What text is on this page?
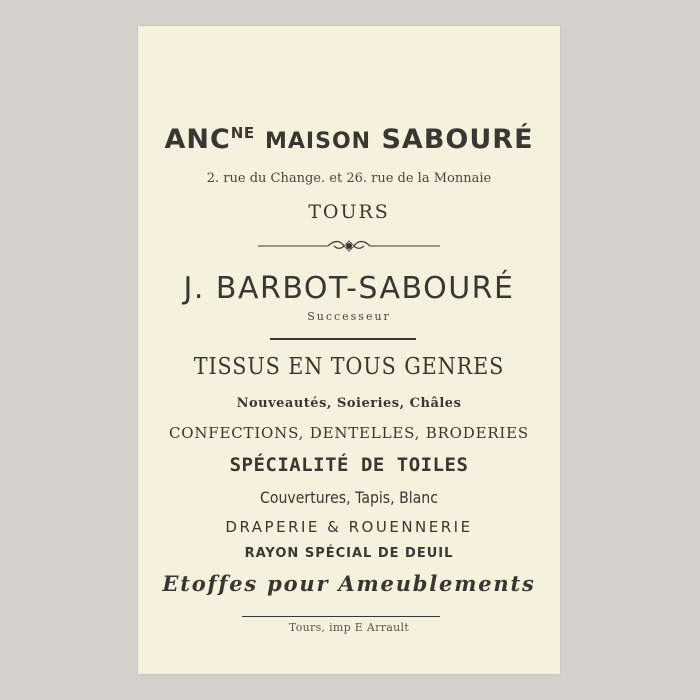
$ANC^{NE}$ MAISON SABOURÉ
2. rue du Change. et 26. rue de la Monnaie
TOURS
J. BARBOT-SABOURÉ
Successeur
TISSUS EN TOUS GENRES
Nouveautés, Soieries, Châles
CONFECTIONS, DENTELLES, BRODERIES
SPÉCIALITÉ DE TOILES
Couvertures, Tapis, Blanc
DRAPERIE & ROUENNERIE
RAYON SPÉCIAL DE DEUIL
Etoffes pour Ameublements
Tours, imp E Arrault
